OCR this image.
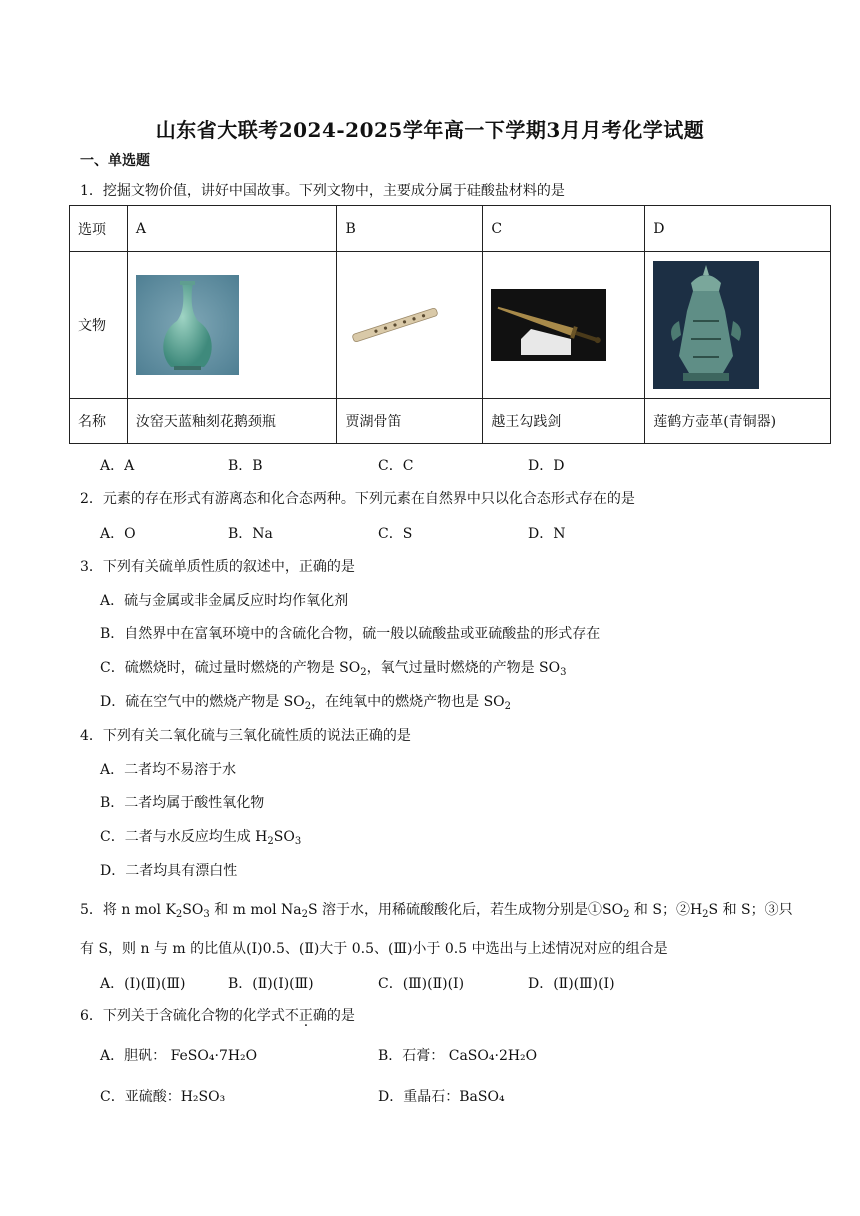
山东省大联考2024-2025学年高一下学期3月月考化学试题
一、单选题
1．挖掘文物价值，讲好中国故事。下列文物中，主要成分属于硅酸盐材料的是
选项	A	B	C	D
文物	

名称	汝窑天蓝釉刻花鹅颈瓶	贾湖骨笛	越王勾践剑	莲鹤方壶革(青铜器)
A．A	B．B	C．C	D．D
2．元素的存在形式有游离态和化合态两种。下列元素在自然界中只以化合态形式存在的是
A．O	B．Na	C．S	D．N
3．下列有关硫单质性质的叙述中，正确的是
A．硫与金属或非金属反应时均作氧化剂
B．自然界中在富氧环境中的含硫化合物，硫一般以硫酸盐或亚硫酸盐的形式存在
C．硫燃烧时，硫过量时燃烧的产物是 $SO_2$，氧气过量时燃烧的产物是 $SO_3$
D．硫在空气中的燃烧产物是 $SO_2$，在纯氧中的燃烧产物也是 $SO_2$
4．下列有关二氧化硫与三氧化硫性质的说法正确的是
A．二者均不易溶于水
B．二者均属于酸性氧化物
C．二者与水反应均生成 $H_2SO_3$
D．二者均具有漂白性
5．将 n mol $K_2SO_3$ 和 m mol $Na_2S$ 溶于水，用稀硫酸酸化后，若生成物分别是$①SO_2$ 和 S；$②H_2S$ 和 S；③只
有 S，则 n 与 m 的比值从(Ⅰ)0.5、(Ⅱ)大于 0.5、(Ⅲ)小于 0.5 中选出与上述情况对应的组合是
A．(Ⅰ)(Ⅱ)(Ⅲ)	B．(Ⅱ)(Ⅰ)(Ⅲ)	C．(Ⅲ)(Ⅱ)(Ⅰ)	D．(Ⅱ)(Ⅲ)(Ⅰ)
6．下列关于含硫化合物的化学式不正确的是
A．胆矾： FeSO₄·7H₂O	B．石膏： CaSO₄·2H₂O
C．亚硫酸：H₂SO₃	D．重晶石：BaSO₄
